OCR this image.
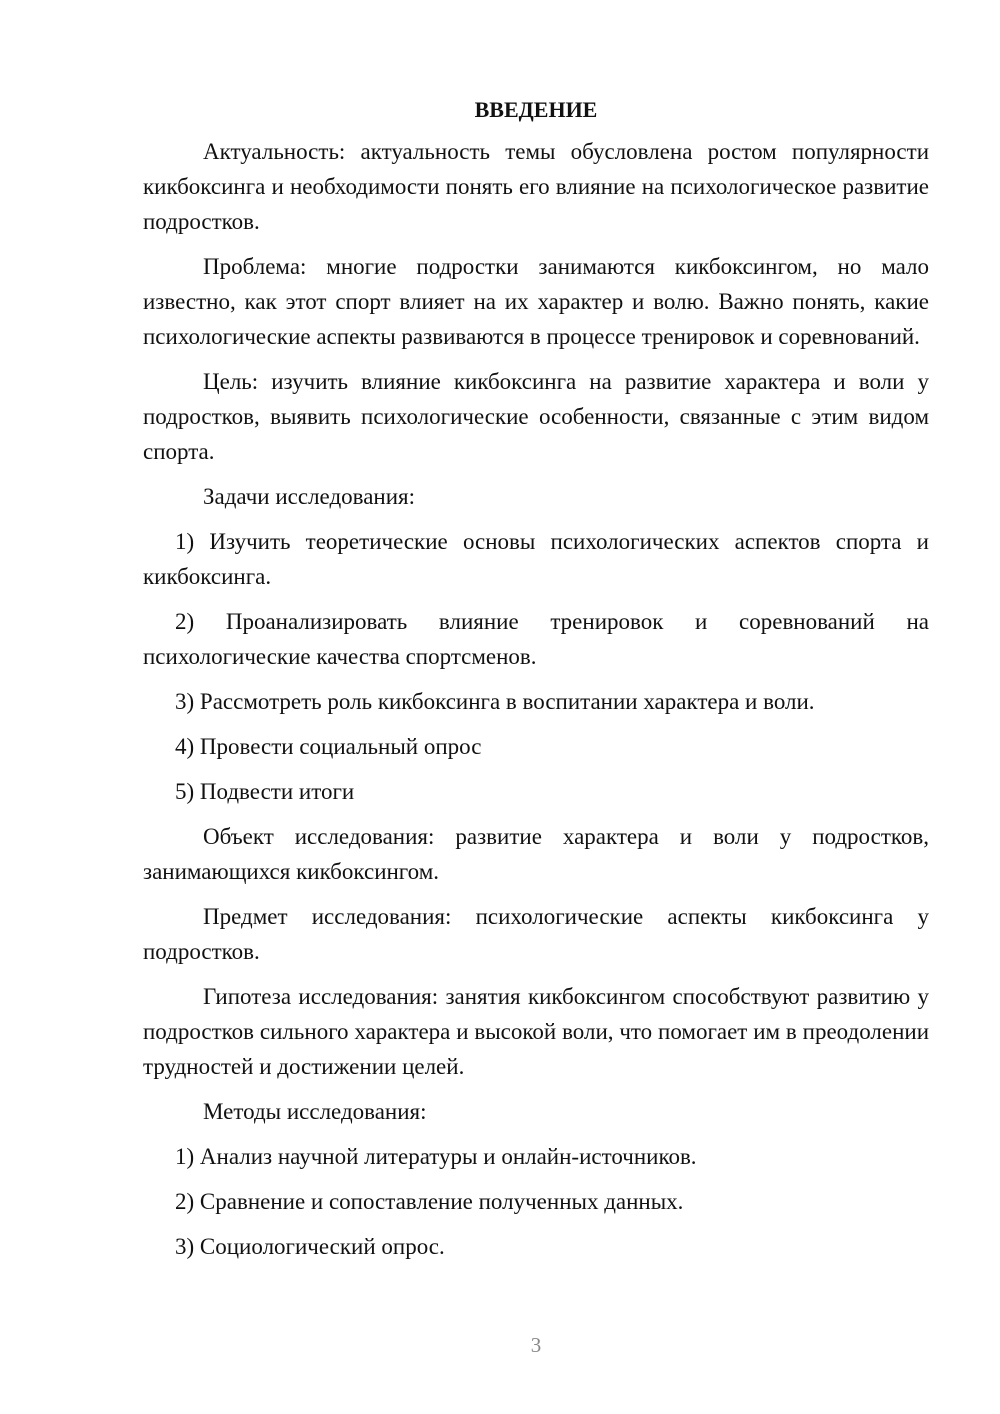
ВВЕДЕНИЕ

Актуальность: актуальность темы обусловлена ростом популярности кикбоксинга и необходимости понять его влияние на психологическое развитие подростков.

Проблема: многие подростки занимаются кикбоксингом, но мало известно, как этот спорт влияет на их характер и волю. Важно понять, какие психологические аспекты развиваются в процессе тренировок и соревнований.

Цель: изучить влияние кикбоксинга на развитие характера и воли у подростков, выявить психологические особенности, связанные с этим видом спорта.

Задачи исследования:

1) Изучить теоретические основы психологических аспектов спорта и кикбоксинга.

2) Проанализировать влияние тренировок и соревнований на психологические качества спортсменов.

3) Рассмотреть роль кикбоксинга в воспитании характера и воли.

4) Провести социальный опрос

5) Подвести итоги

Объект исследования: развитие характера и воли у подростков, занимающихся кикбоксингом.

Предмет исследования: психологические аспекты кикбоксинга у подростков.

Гипотеза исследования: занятия кикбоксингом способствуют развитию у подростков сильного характера и высокой воли, что помогает им в преодолении трудностей и достижении целей.

Методы исследования:

1) Анализ научной литературы и онлайн-источников.

2) Сравнение и сопоставление полученных данных.

3) Социологический опрос.

3
